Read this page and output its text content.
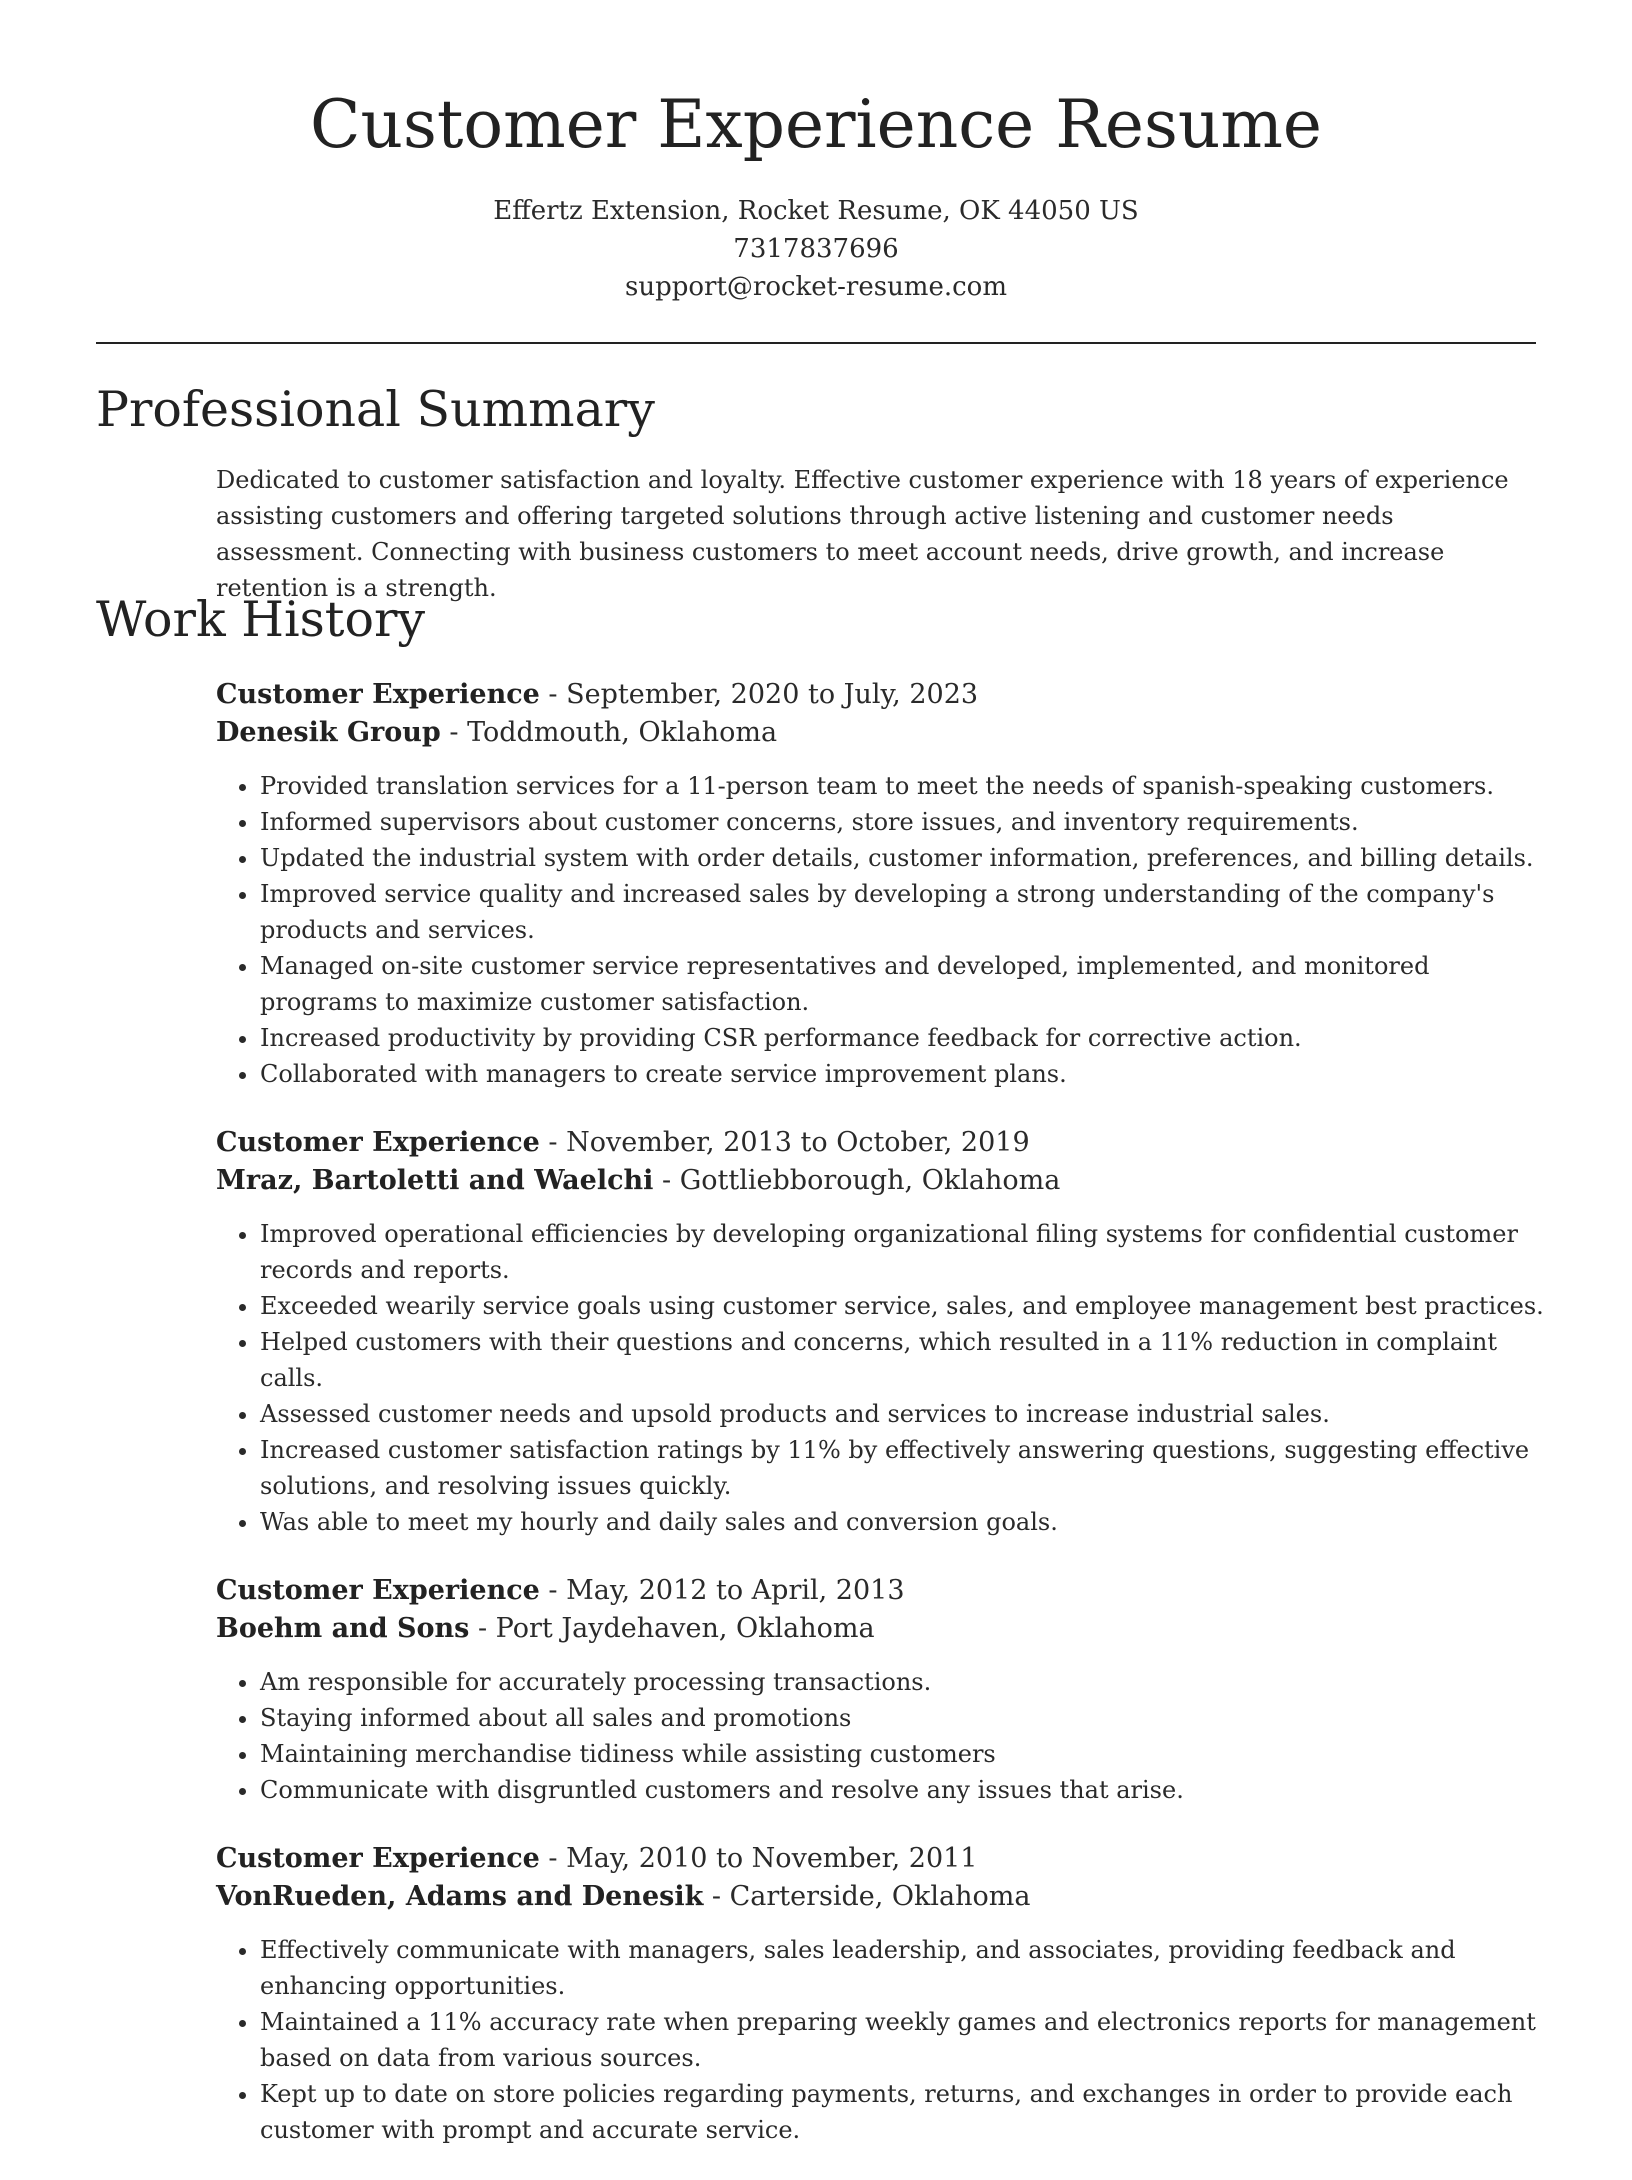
Customer Experience Resume
Effertz Extension, Rocket Resume, OK 44050 US
7317837696
support@rocket-resume.com
Professional Summary

Dedicated to customer satisfaction and loyalty. Effective customer experience with 18 years of experience assisting customers and offering targeted solutions through active listening and customer needs assessment. Connecting with business customers to meet account needs, drive growth, and increase retention is a strength.

Work History
Customer Experience - September, 2020 to July, 2023
Denesik Group - Toddmouth, Oklahoma
• Provided translation services for a 11-person team to meet the needs of spanish-speaking customers.
• Informed supervisors about customer concerns, store issues, and inventory requirements.
• Updated the industrial system with order details, customer information, preferences, and billing details.
• Improved service quality and increased sales by developing a strong understanding of the company's products and services.
• Managed on-site customer service representatives and developed, implemented, and monitored programs to maximize customer satisfaction.
• Increased productivity by providing CSR performance feedback for corrective action.
• Collaborated with managers to create service improvement plans.
Customer Experience - November, 2013 to October, 2019
Mraz, Bartoletti and Waelchi - Gottliebborough, Oklahoma
• Improved operational efficiencies by developing organizational filing systems for confidential customer records and reports.
• Exceeded wearily service goals using customer service, sales, and employee management best practices.
• Helped customers with their questions and concerns, which resulted in a 11% reduction in complaint calls.
• Assessed customer needs and upsold products and services to increase industrial sales.
• Increased customer satisfaction ratings by 11% by effectively answering questions, suggesting effective solutions, and resolving issues quickly.
• Was able to meet my hourly and daily sales and conversion goals.
Customer Experience - May, 2012 to April, 2013
Boehm and Sons - Port Jaydehaven, Oklahoma
• Am responsible for accurately processing transactions.
• Staying informed about all sales and promotions
• Maintaining merchandise tidiness while assisting customers
• Communicate with disgruntled customers and resolve any issues that arise.
Customer Experience - May, 2010 to November, 2011
VonRueden, Adams and Denesik - Carterside, Oklahoma
• Effectively communicate with managers, sales leadership, and associates, providing feedback and enhancing opportunities.
• Maintained a 11% accuracy rate when preparing weekly games and electronics reports for management based on data from various sources.
• Kept up to date on store policies regarding payments, returns, and exchanges in order to provide each customer with prompt and accurate service.
